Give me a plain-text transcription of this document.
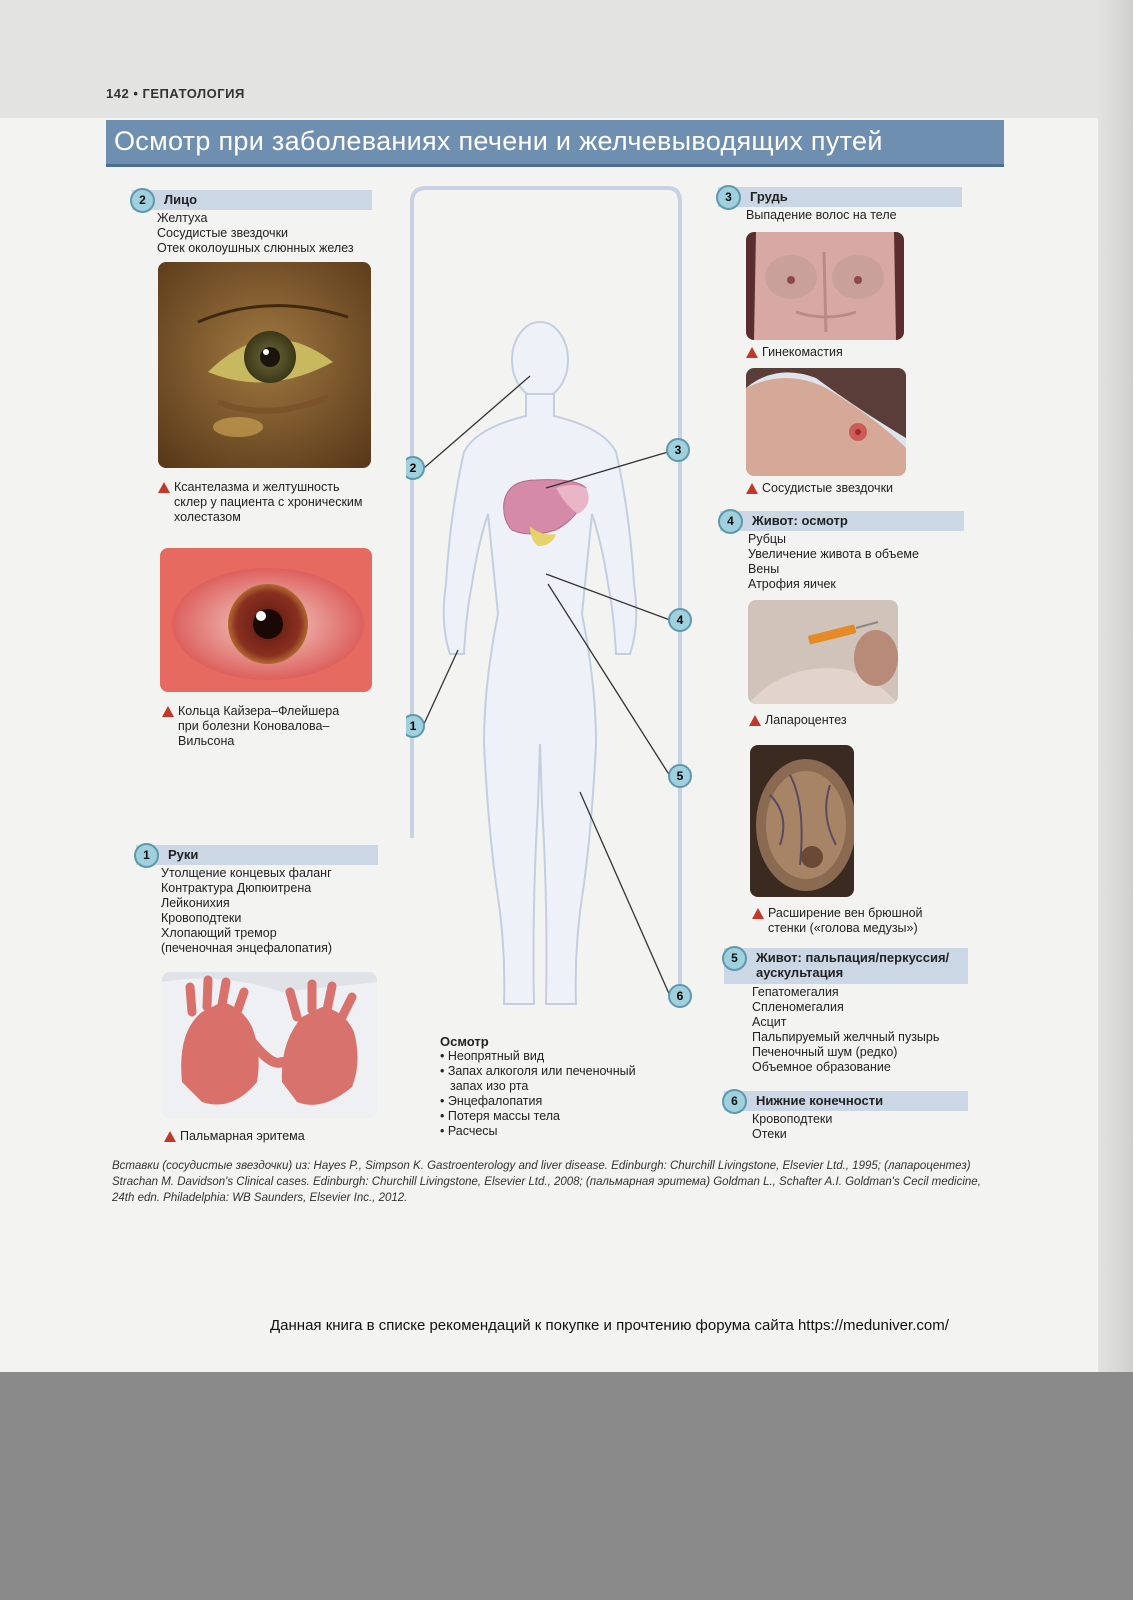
142 • ГЕПАТОЛОГИЯ
Осмотр при заболеваниях печени и желчевыводящих путей
2	Лицо
Желтуха
Сосудистые звездочки
Отек околоушных слюнных желез
Ксантелазма и желтушность
склер у пациента с хроническим
холестазом
Кольца Кайзера–Флейшера
при болезни Коновалова–
Вильсона
1	Руки
Утолщение концевых фаланг
Контрактура Дюпюитрена
Лейконихия
Кровоподтеки
Хлопающий тремор
(печеночная энцефалопатия)
Пальмарная эритема
2
3
4
1
5
6
Осмотр
• Неопрятный вид
• Запах алкоголя или печеночный
запах изо рта
• Энцефалопатия
• Потеря массы тела
• Расчесы
3	Грудь
Выпадение волос на теле
Гинекомастия
Сосудистые звездочки
4	Живот: осмотр
Рубцы
Увеличение живота в объеме
Вены
Атрофия яичек
Лапароцентез
Расширение вен брюшной
стенки («голова медузы»)
5	Живот: пальпация/перкуссия/
аускультация
Гепатомегалия
Спленомегалия
Асцит
Пальпируемый желчный пузырь
Печеночный шум (редко)
Объемное образование
6	Нижние конечности
Кровоподтеки
Отеки
Вставки (сосудистые звездочки) из: Hayes P., Simpson K. Gastroenterology and liver disease. Edinburgh: Churchill Livingstone, Elsevier Ltd., 1995; (лапароцентез) Strachan M. Davidson's Clinical cases. Edinburgh: Churchill Livingstone, Elsevier Ltd., 2008; (пальмарная эритема) Goldman L., Schafter A.I. Goldman's Cecil medicine, 24th edn. Philadelphia: WB Saunders, Elsevier Inc., 2012.
Данная книга в списке рекомендаций к покупке и прочтению форума сайта https://meduniver.com/
